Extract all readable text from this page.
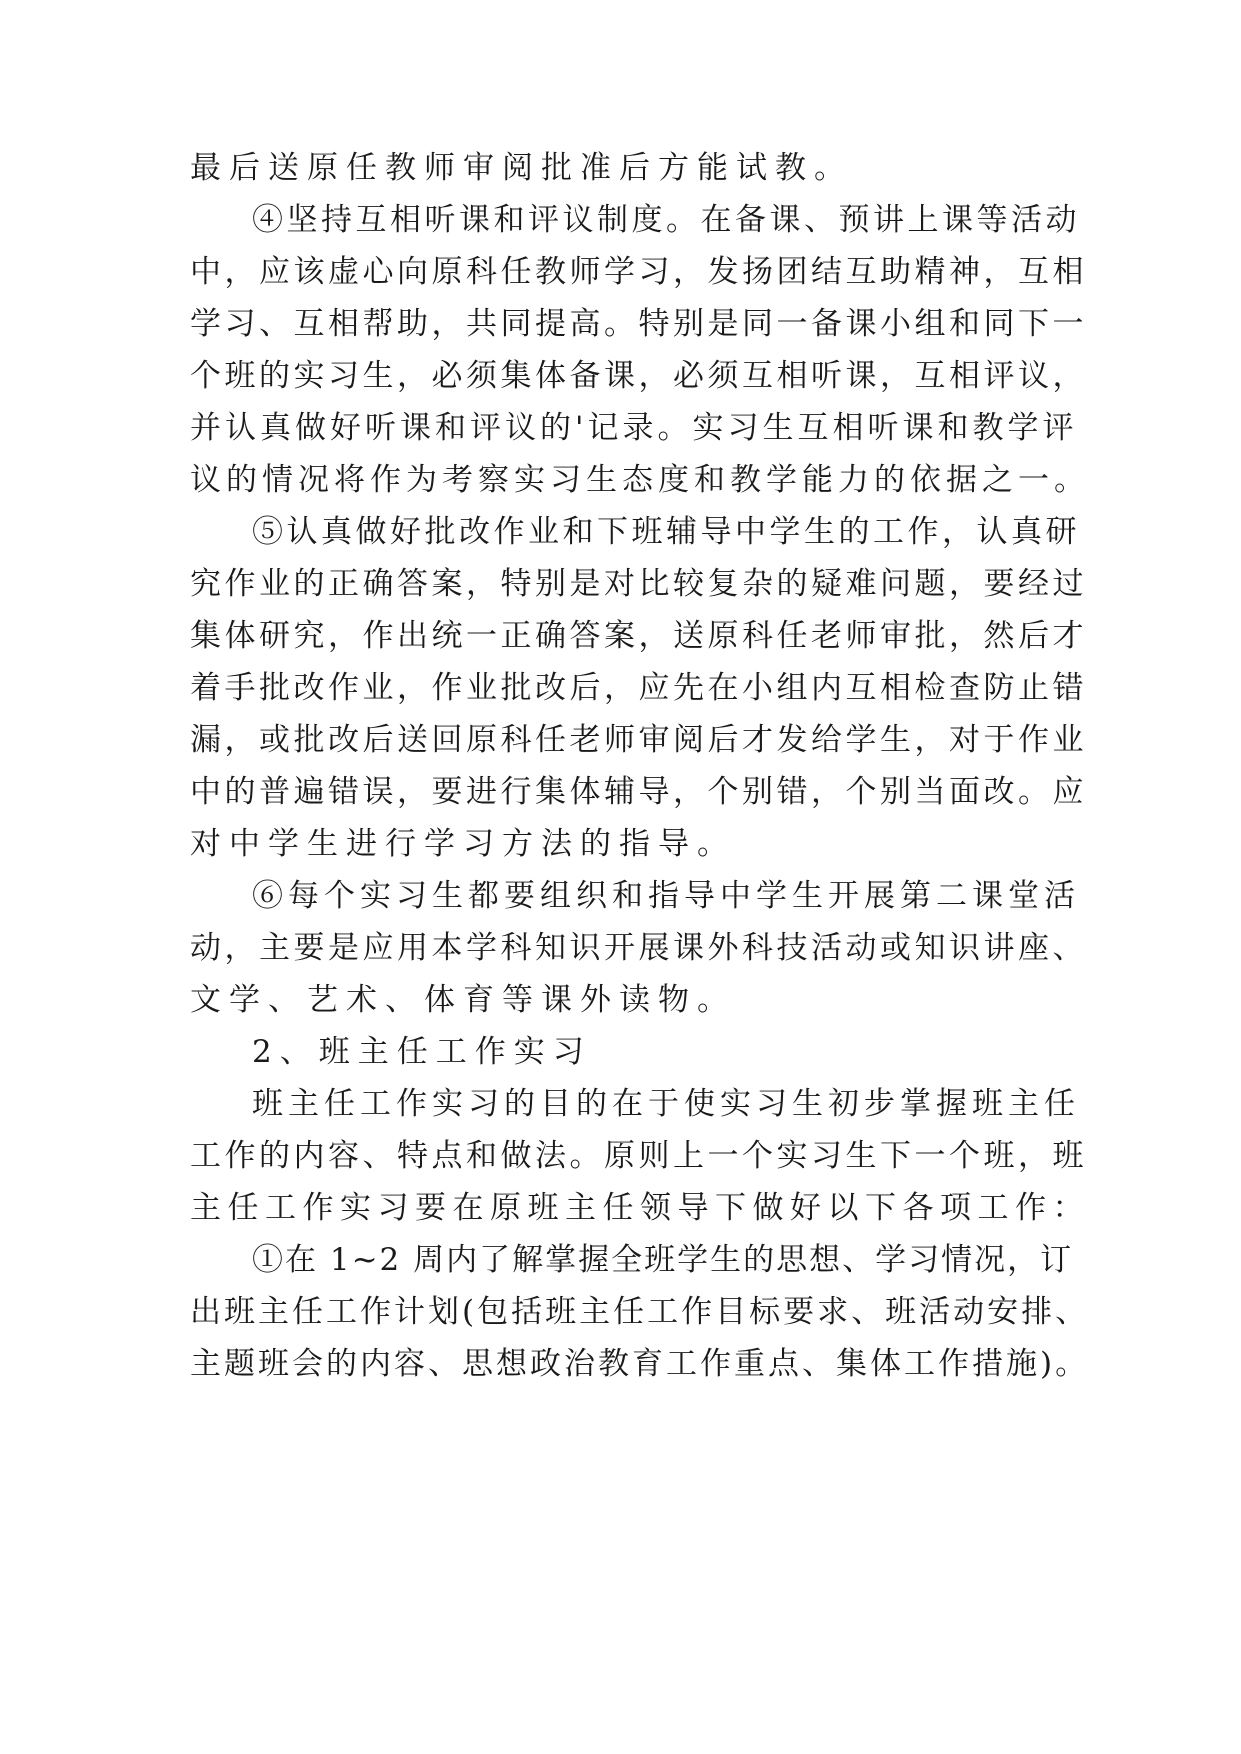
最后送原任教师审阅批准后方能试教。
④坚持互相听课和评议制度。在备课、预讲上课等活动
中，应该虚心向原科任教师学习，发扬团结互助精神，互相
学习、互相帮助，共同提高。特别是同一备课小组和同下一
个班的实习生，必须集体备课，必须互相听课，互相评议，
并认真做好听课和评议的'记录。实习生互相听课和教学评
议的情况将作为考察实习生态度和教学能力的依据之一。
⑤认真做好批改作业和下班辅导中学生的工作，认真研
究作业的正确答案，特别是对比较复杂的疑难问题，要经过
集体研究，作出统一正确答案，送原科任老师审批，然后才
着手批改作业，作业批改后，应先在小组内互相检查防止错
漏，或批改后送回原科任老师审阅后才发给学生，对于作业
中的普遍错误，要进行集体辅导，个别错，个别当面改。应
对中学生进行学习方法的指导。
⑥每个实习生都要组织和指导中学生开展第二课堂活
动，主要是应用本学科知识开展课外科技活动或知识讲座、
文学、艺术、体育等课外读物。
2、班主任工作实习
班主任工作实习的目的在于使实习生初步掌握班主任
工作的内容、特点和做法。原则上一个实习生下一个班，班
主任工作实习要在原班主任领导下做好以下各项工作：
①在 1~2 周内了解掌握全班学生的思想、学习情况，订
出班主任工作计划(包括班主任工作目标要求、班活动安排、
主题班会的内容、思想政治教育工作重点、集体工作措施)。
